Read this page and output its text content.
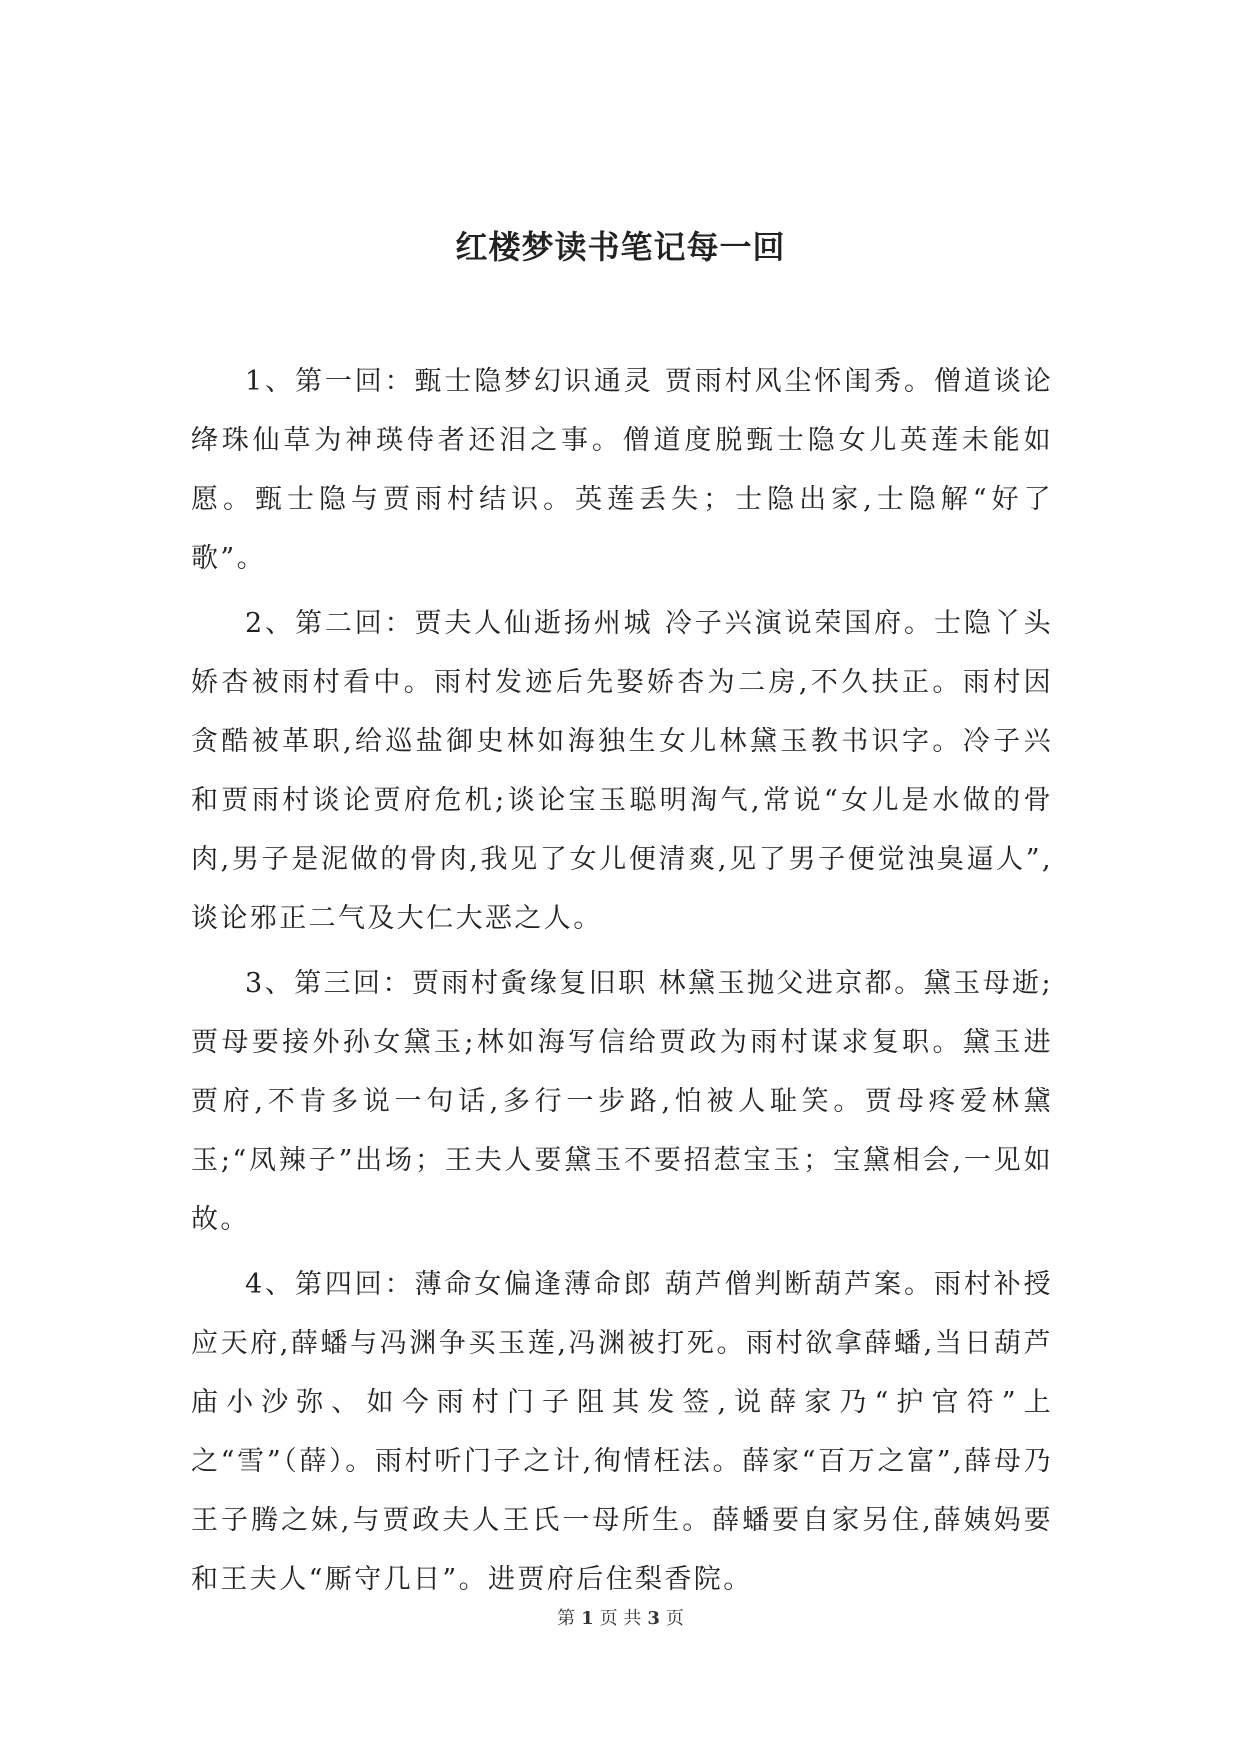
红楼梦读书笔记每一回

1、第一回：甄士隐梦幻识通灵 贾雨村风尘怀闺秀。僧道谈论绛珠仙草为神瑛侍者还泪之事。僧道度脱甄士隐女儿英莲未能如愿。甄士隐与贾雨村结识。英莲丢失；士隐出家,士隐解“好了歌”。

2、第二回：贾夫人仙逝扬州城 冷子兴演说荣国府。士隐丫头娇杏被雨村看中。雨村发迹后先娶娇杏为二房,不久扶正。雨村因贪酷被革职,给巡盐御史林如海独生女儿林黛玉教书识字。冷子兴和贾雨村谈论贾府危机;谈论宝玉聪明淘气,常说“女儿是水做的骨肉,男子是泥做的骨肉,我见了女儿便清爽,见了男子便觉浊臭逼人”,谈论邪正二气及大仁大恶之人。

3、第三回：贾雨村夤缘复旧职 林黛玉抛父进京都。黛玉母逝;贾母要接外孙女黛玉;林如海写信给贾政为雨村谋求复职。黛玉进贾府,不肯多说一句话,多行一步路,怕被人耻笑。贾母疼爱林黛玉;“凤辣子”出场；王夫人要黛玉不要招惹宝玉；宝黛相会,一见如故。

4、第四回：薄命女偏逢薄命郎 葫芦僧判断葫芦案。雨村补授应天府,薛蟠与冯渊争买玉莲,冯渊被打死。雨村欲拿薛蟠,当日葫芦庙小沙弥、如今雨村门子阻其发签,说薛家乃“护官符”上之“雪”（薛）。雨村听门子之计,徇情枉法。薛家“百万之富”,薛母乃王子腾之妹,与贾政夫人王氏一母所生。薛蟠要自家另住,薛姨妈要和王夫人“厮守几日”。进贾府后住梨香院。

第 1 页 共 3 页
